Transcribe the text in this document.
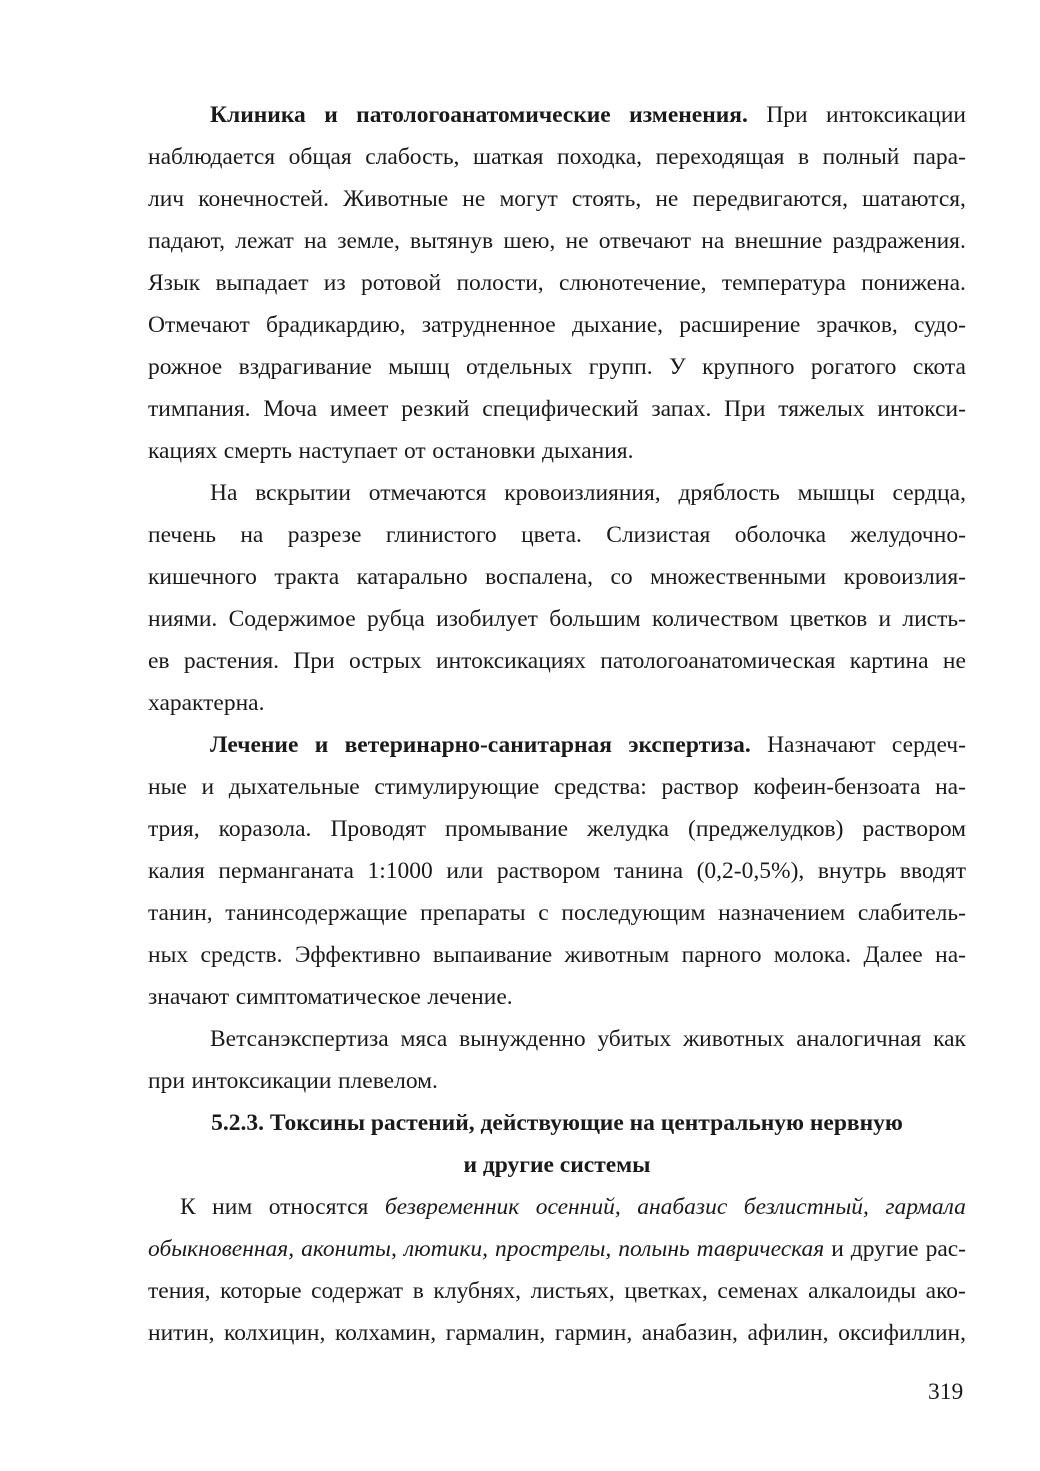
Клиника и патологоанатомические изменения. При интоксикации
наблюдается общая слабость, шаткая походка, переходящая в полный пара-
лич конечностей. Животные не могут стоять, не передвигаются, шатаются,
падают, лежат на земле, вытянув шею, не отвечают на внешние раздражения.
Язык выпадает из ротовой полости, слюнотечение, температура понижена.
Отмечают брадикардию, затрудненное дыхание, расширение зрачков, судо-
рожное вздрагивание мышц отдельных групп. У крупного рогатого скота
тимпания. Моча имеет резкий специфический запах. При тяжелых интокси-
кациях смерть наступает от остановки дыхания.
На вскрытии отмечаются кровоизлияния, дряблость мышцы сердца,
печень на разрезе глинистого цвета. Слизистая оболочка желудочно-
кишечного тракта катарально воспалена, со множественными кровоизлия-
ниями. Содержимое рубца изобилует большим количеством цветков и листь-
ев растения. При острых интоксикациях патологоанатомическая картина не
характерна.
Лечение и ветеринарно-санитарная экспертиза. Назначают сердеч-
ные и дыхательные стимулирующие средства: раствор кофеин-бензоата на-
трия, коразола. Проводят промывание желудка (преджелудков) раствором
калия перманганата 1:1000 или раствором танина (0,2-0,5%), внутрь вводят
танин, танинсодержащие препараты с последующим назначением слабитель-
ных средств. Эффективно выпаивание животным парного молока. Далее на-
значают симптоматическое лечение.
Ветсанэкспертиза мяса вынужденно убитых животных аналогичная как
при интоксикации плевелом.
5.2.3. Токсины растений, действующие на центральную нервную
и другие системы
К ним относятся безвременник осенний, анабазис безлистный, гармала
обыкновенная, акониты, лютики, прострелы, полынь таврическая и другие рас-
тения, которые содержат в клубнях, листьях, цветках, семенах алкалоиды ако-
нитин, колхицин, колхамин, гармалин, гармин, анабазин, афилин, оксифиллин,
319
